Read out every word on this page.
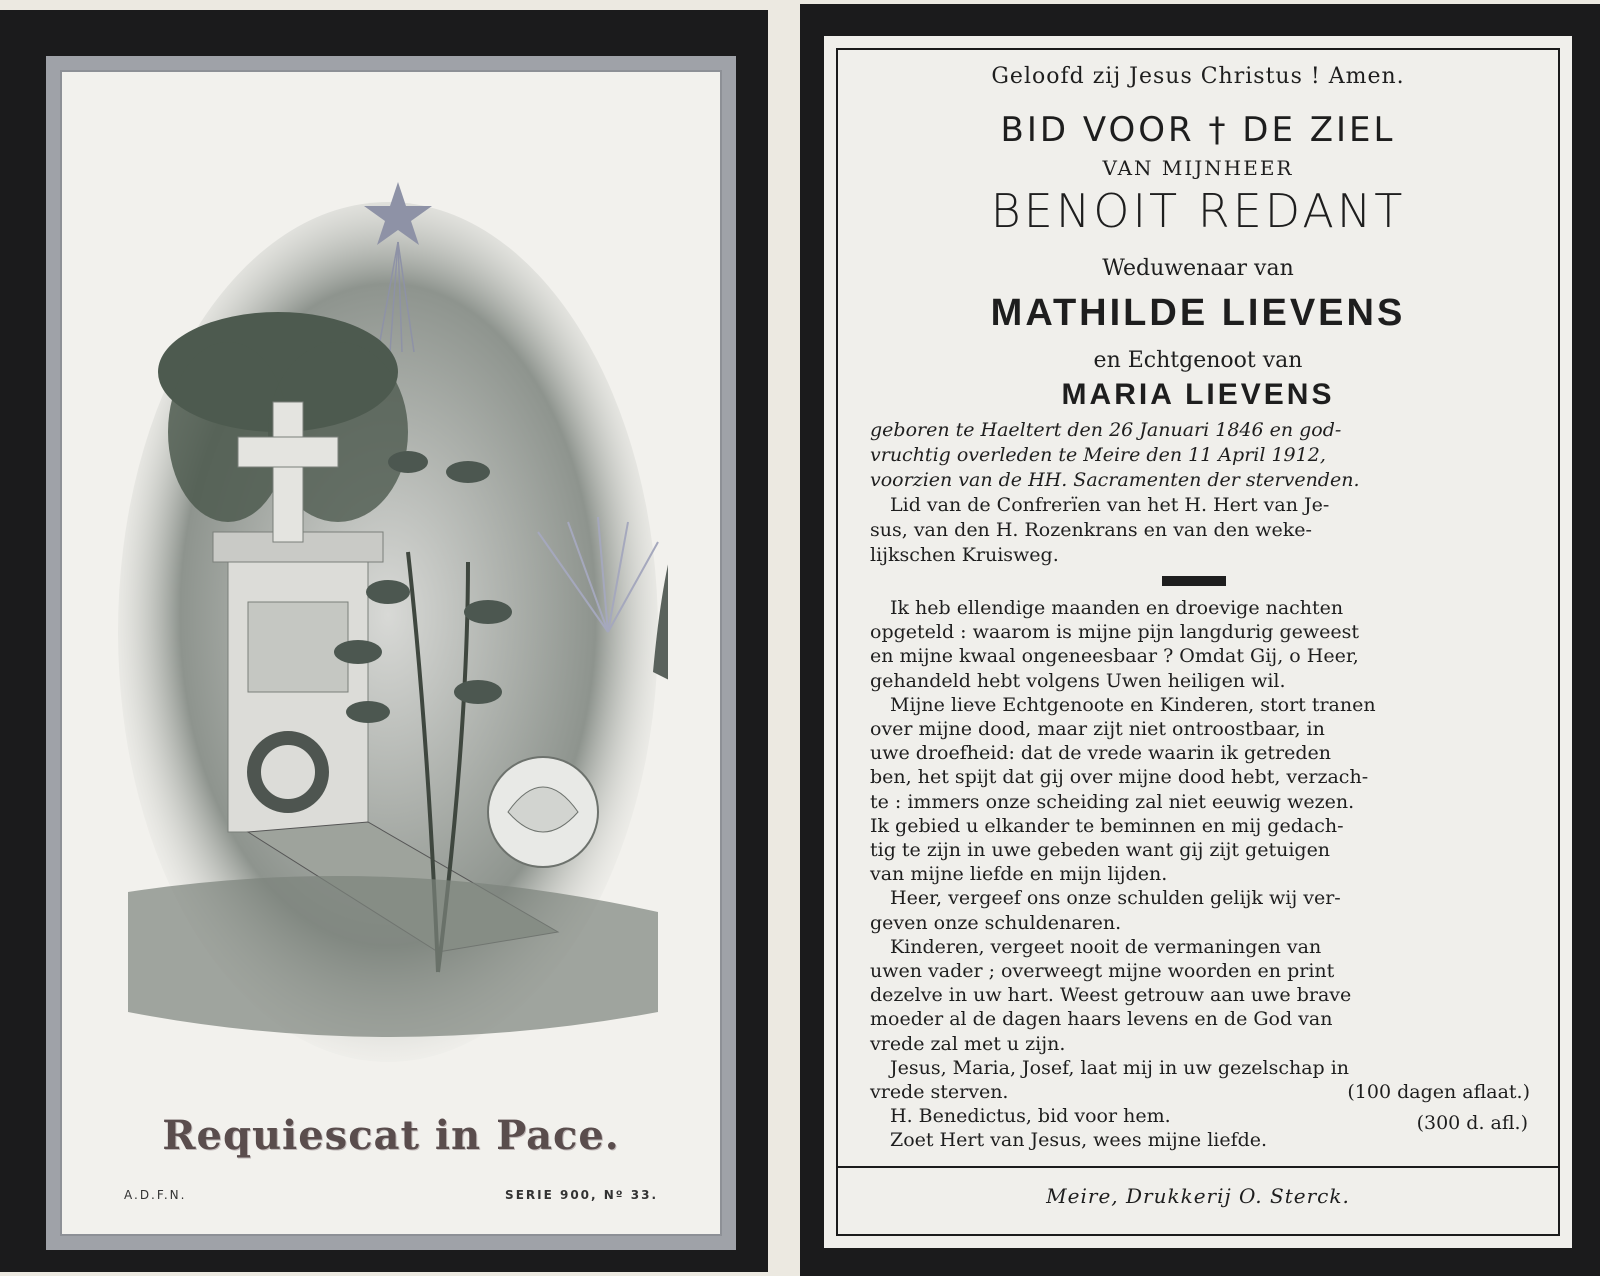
Requiescat in Pace.
A.D.F.N.	SERIE 900, Nº 33.
Geloofd zij Jesus Christus ! Amen.
BID VOOR † DE ZIEL
VAN MIJNHEER
BENOIT REDANT
Weduwenaar van
MATHILDE LIEVENS
en Echtgenoot van
MARIA LIEVENS

geboren te Haeltert den 26 Januari 1846 en god-

vruchtig overleden te Meire den 11 April 1912,

voorzien van de HH. Sacramenten der stervenden.

Lid van de Confrerïen van het H. Hert van Je-

sus, van den H. Rozenkrans en van den weke-

lijkschen Kruisweg.

Ik heb ellendige maanden en droevige nachten

opgeteld : waarom is mijne pijn langdurig geweest

en mijne kwaal ongeneesbaar ? Omdat Gij, o Heer,

gehandeld hebt volgens Uwen heiligen wil.

Mijne lieve Echtgenoote en Kinderen, stort tranen

over mijne dood, maar zijt niet ontroostbaar, in

uwe droefheid: dat de vrede waarin ik getreden

ben, het spijt dat gij over mijne dood hebt, verzach-

te : immers onze scheiding zal niet eeuwig wezen.

Ik gebied u elkander te beminnen en mij gedach-

tig te zijn in uwe gebeden want gij zijt getuigen

van mijne liefde en mijn lijden.

Heer, vergeef ons onze schulden gelijk wij ver-

geven onze schuldenaren.

Kinderen, vergeet nooit de vermaningen van

uwen vader ; overweegt mijne woorden en print

dezelve in uw hart. Weest getrouw aan uwe brave

moeder al de dagen haars levens en de God van

vrede zal met u zijn.

Jesus, Maria, Josef, laat mij in uw gezelschap in

vrede sterven.	(100 dagen aflaat.)

H. Benedictus, bid voor hem.

Zoet Hert van Jesus, wees mijne liefde.

(300 d. afl.)
Meire, Drukkerij O. Sterck.
